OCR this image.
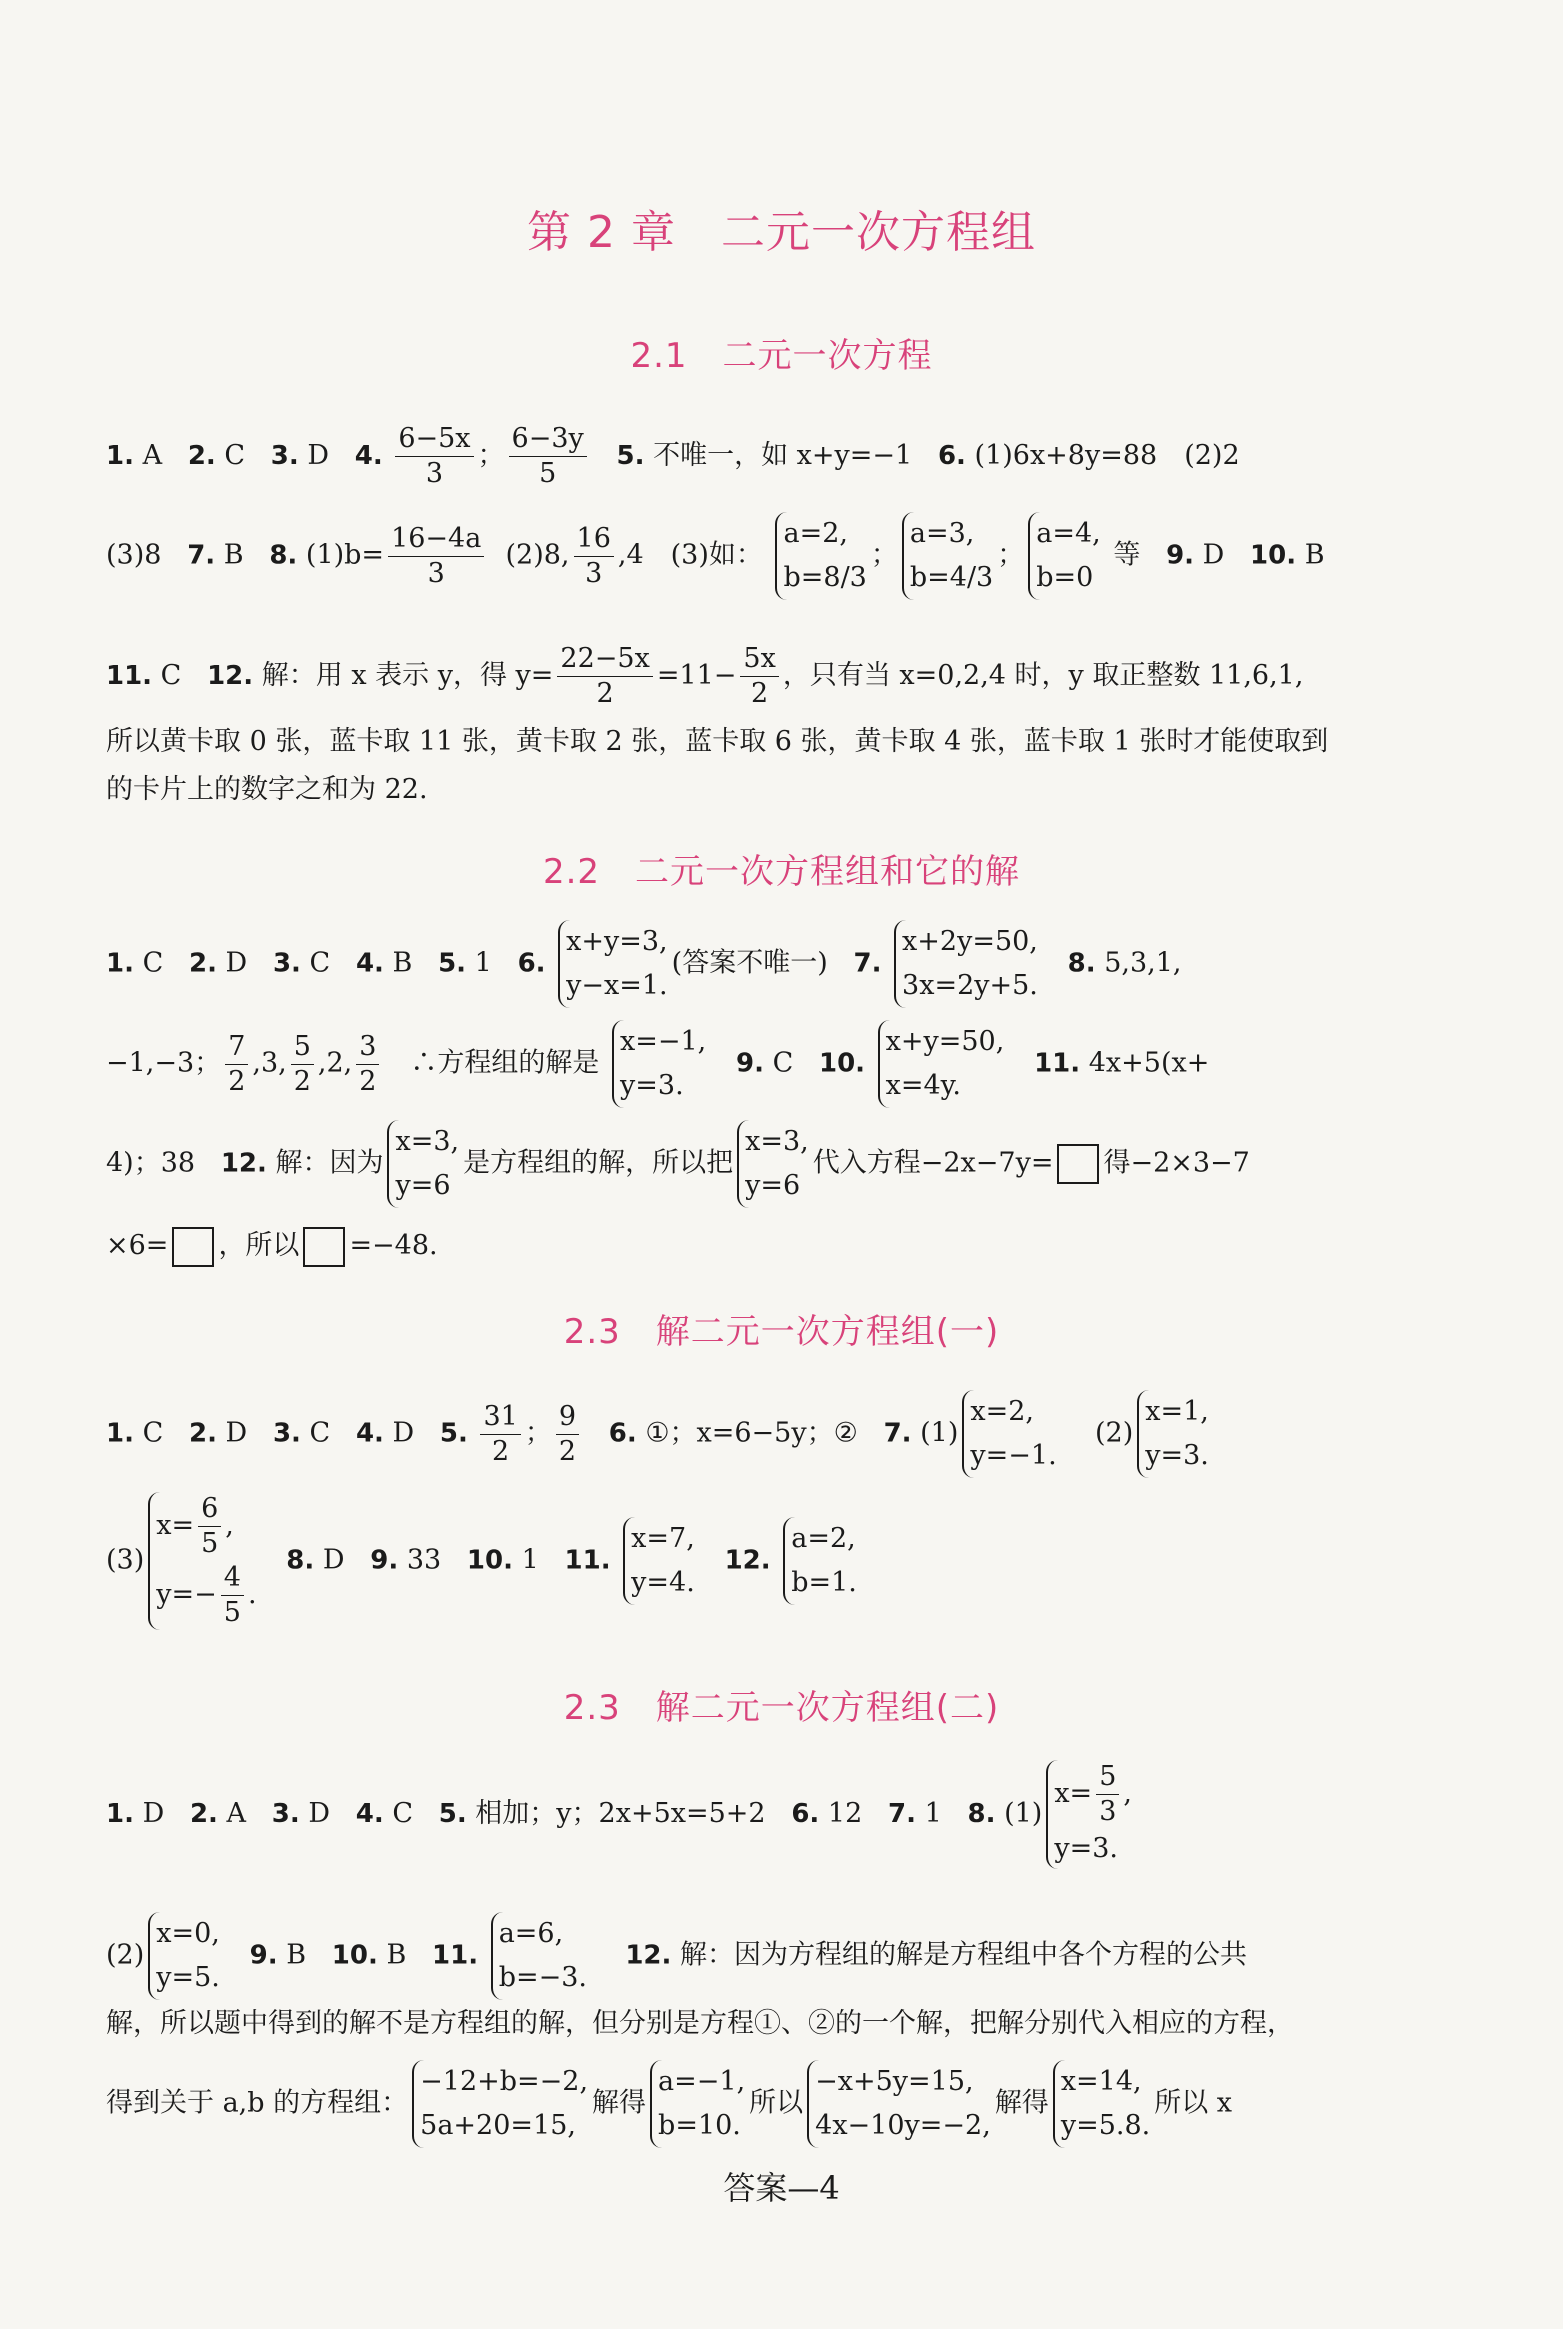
第 2 章　二元一次方程组
2.1　二元一次方程
1. A 2. C 3. D 4. $\frac{6-5x}{3}$ ； $\frac{6-3y}{5} 5$. 不唯一，如 x+y=−1 6. (1)6x+8y=88　(2)2
(3)8 7. B 8. $(1)b= \frac{16-4a}{3} (2)8$, $\frac{16}{3} ,4$　(3)如：
a=2,
b=8/3
；
a=3,
b=4/3
；
a=4,
b=0
等 9. D 10. B
11. C 12. 解：用 x 表示 y，得 $y= \frac{22-5x}{2} =11- \frac{5x}{2}$ ，只有当 x=0,2,4 时，y 取正整数 11,6,1,
所以黄卡取 0 张，蓝卡取 11 张，黄卡取 2 张，蓝卡取 6 张，黄卡取 4 张，蓝卡取 1 张时才能使取到
的卡片上的数字之和为 22.
2.2　二元一次方程组和它的解
1. C 2. D 3. C 4. B 5. 1 6.
x+y=3,
y−x=1.
(答案不唯一) 7.
x+2y=50,
3x=2y+5.
8. 5,3,1,
−1,−3； $\frac{7}{2} ,3$, $\frac{5}{2} ,2$, $\frac{3}{2}$ 　∴方程组的解是
x=−1,
y=3.
9. C 10.
x+y=50,
x=4y.
11. 4x+5(x+
4)；38 12. 解：因为
x=3,
y=6
是方程组的解，所以把
x=3,
y=6
代入方程−2x−7y= 得−2×3−7
×6= ，所以 =−48.
2.3　解二元一次方程组(一)
1. C 2. D 3. C 4. D 5. $\frac{31}{2}$ ； $\frac{9}{2} 6$. ①；x=6−5y；② 7. (1)
x=2,
y=−1.
(2)
x=1,
y=3.
(3)
$x= \frac{6}{5}$ ,
$y=- \frac{4}{5}$ .
8. D 9. 33 10. 1 11.
x=7,
y=4.
12.
a=2,
b=1.
2.3　解二元一次方程组(二)
1. D 2. A 3. D 4. C 5. 相加；y；2x+5x=5+2 6. 12 7. 1 8. (1)
$x= \frac{5}{3}$ ,
y=3.
(2)
x=0,
y=5.
9. B 10. B 11.
a=6,
b=−3.
12. 解：因为方程组的解是方程组中各个方程的公共
解，所以题中得到的解不是方程组的解，但分别是方程①、②的一个解，把解分别代入相应的方程，
得到关于 a,b 的方程组：
−12+b=−2,
5a+20=15,
解得
a=−1,
b=10.
所以
−x+5y=15,
4x−10y=−2,
解得
x=14,
y=5.8.
所以 x
答案—4
